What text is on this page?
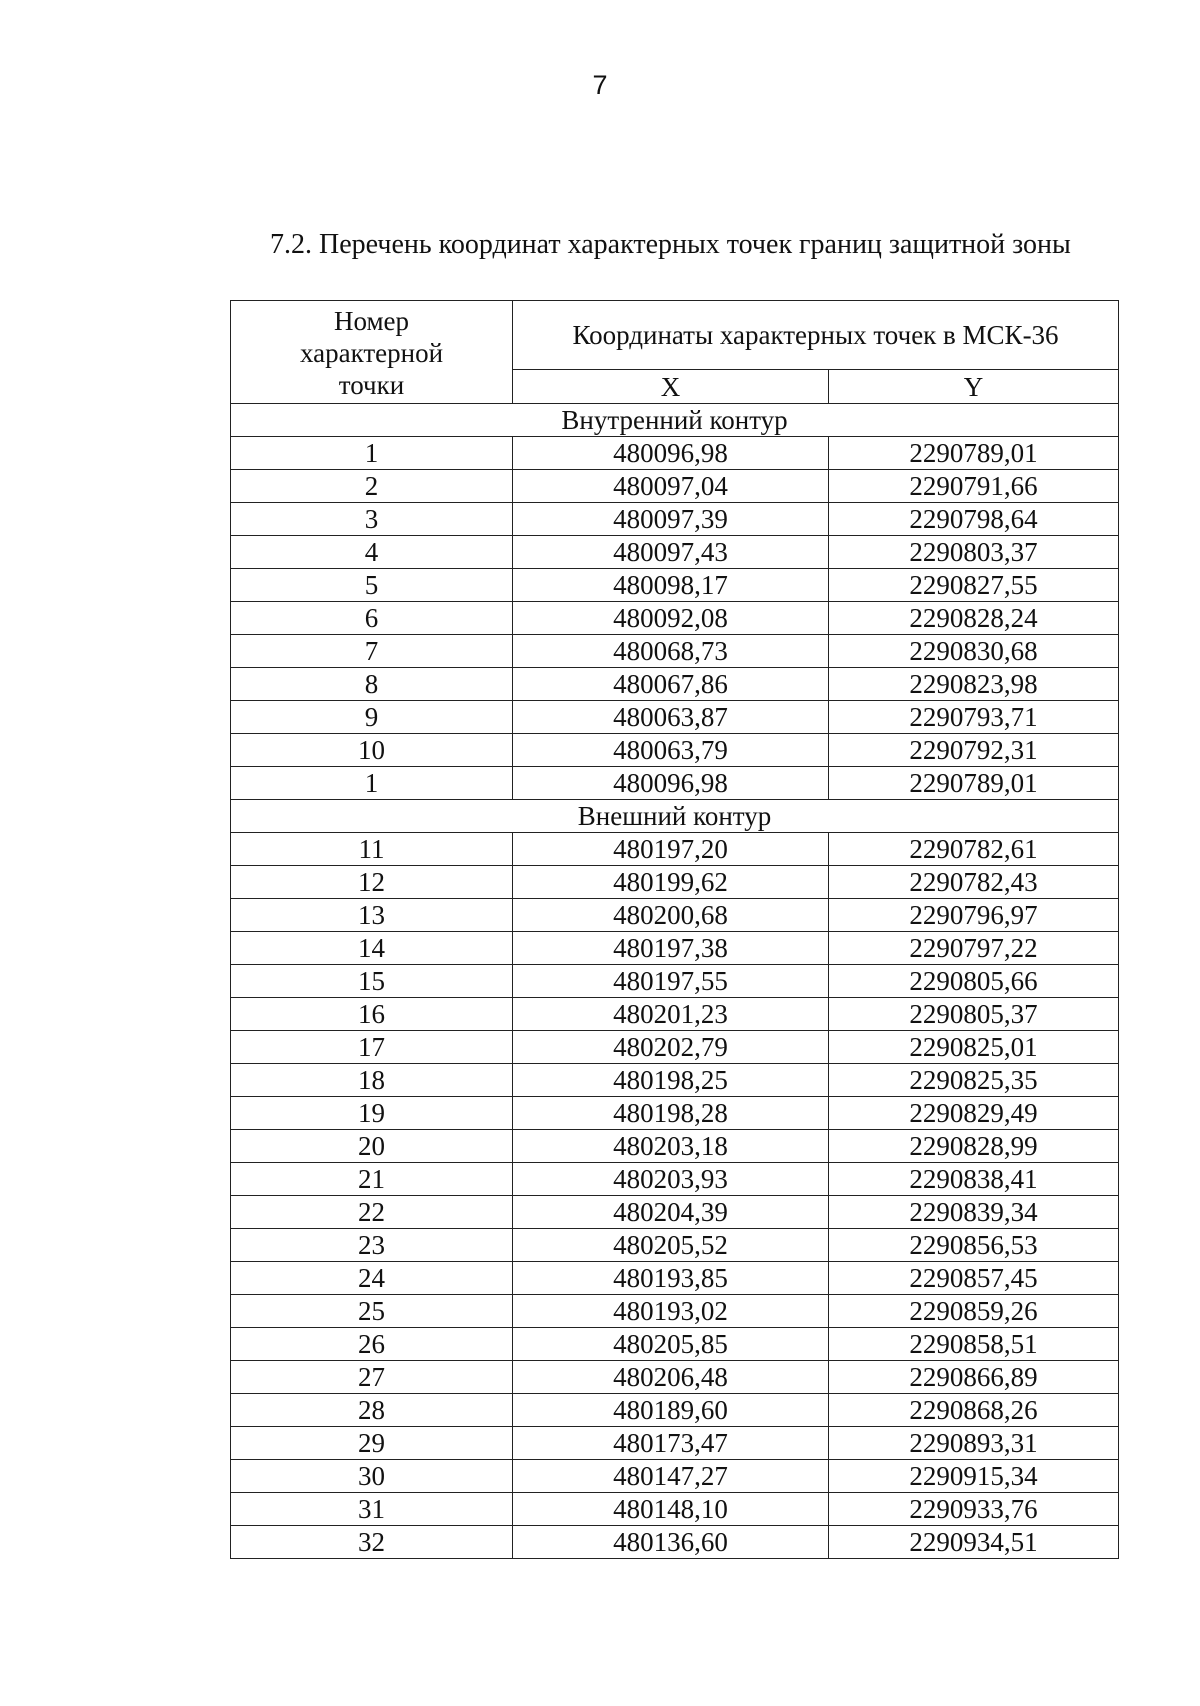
7
7.2. Перечень координат характерных точек границ защитной зоны
Номер
характерной
точки	Координаты характерных точек в МСК-36	
	X	Y
Внутренний контур		
1	480096,98	2290789,01
2	480097,04	2290791,66
3	480097,39	2290798,64
4	480097,43	2290803,37
5	480098,17	2290827,55
6	480092,08	2290828,24
7	480068,73	2290830,68
8	480067,86	2290823,98
9	480063,87	2290793,71
10	480063,79	2290792,31
1	480096,98	2290789,01
Внешний контур		
11	480197,20	2290782,61
12	480199,62	2290782,43
13	480200,68	2290796,97
14	480197,38	2290797,22
15	480197,55	2290805,66
16	480201,23	2290805,37
17	480202,79	2290825,01
18	480198,25	2290825,35
19	480198,28	2290829,49
20	480203,18	2290828,99
21	480203,93	2290838,41
22	480204,39	2290839,34
23	480205,52	2290856,53
24	480193,85	2290857,45
25	480193,02	2290859,26
26	480205,85	2290858,51
27	480206,48	2290866,89
28	480189,60	2290868,26
29	480173,47	2290893,31
30	480147,27	2290915,34
31	480148,10	2290933,76
32	480136,60	2290934,51
